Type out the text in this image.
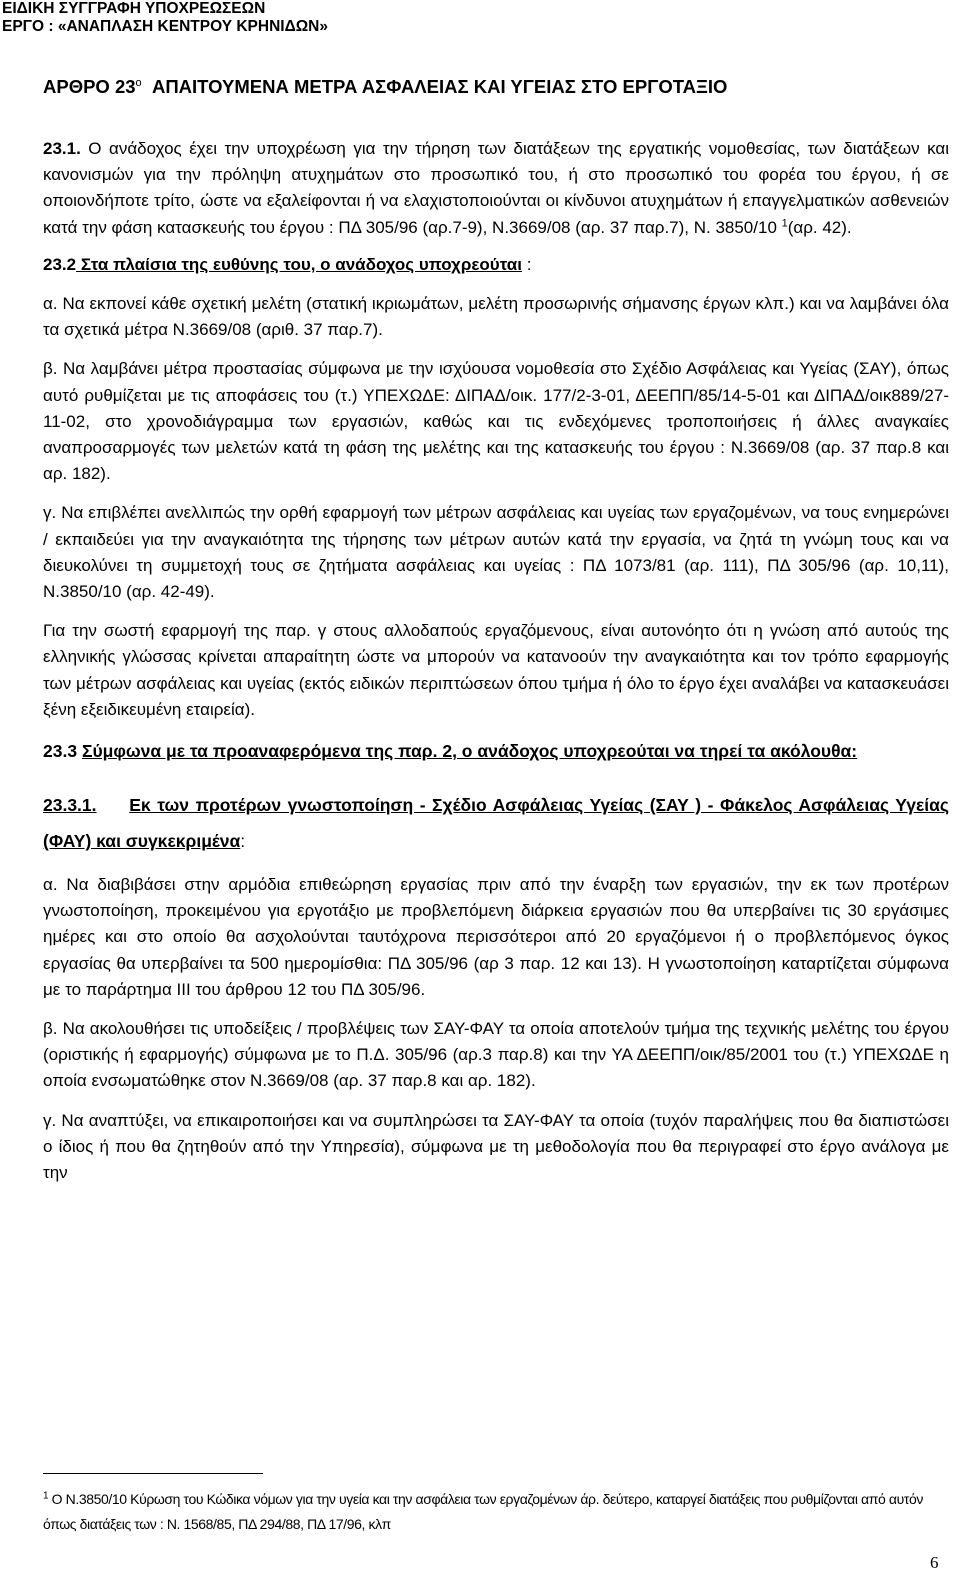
ΕΙΔΙΚΗ ΣΥΓΓΡΑΦΗ ΥΠΟΧΡΕΩΣΕΩΝ
ΕΡΓΟ : «ΑΝΑΠΛΑΣΗ ΚΕΝΤΡΟΥ ΚΡΗΝΙΔΩΝ»
ΑΡΘΡΟ $23^o$ ΑΠΑΙΤΟΥΜΕΝΑ ΜΕΤΡΑ ΑΣΦΑΛΕΙΑΣ ΚΑΙ ΥΓΕΙΑΣ ΣΤΟ ΕΡΓΟΤΑΞΙΟ

23.1. Ο ανάδοχος έχει την υποχρέωση για την τήρηση των διατάξεων της εργατικής νομοθεσίας, των διατάξεων και κανονισμών για την πρόληψη ατυχημάτων στο προσωπικό του, ή στο προσωπικό του φορέα του έργου, ή σε οποιονδήποτε τρίτο, ώστε να εξαλείφονται ή να ελαχιστοποιούνται οι κίνδυνοι ατυχημάτων ή επαγγελματικών ασθενειών κατά την φάση κατασκευής του έργου : ΠΔ 305/96 (αρ.7-9), Ν.3669/08 (αρ. 37 παρ.7), Ν. 3850/10 $^1$(αρ. 42).

23.2 Στα πλαίσια της ευθύνης του, ο ανάδοχος υποχρεούται :

α. Να εκπονεί κάθε σχετική μελέτη (στατική ικριωμάτων, μελέτη προσωρινής σήμανσης έργων κλπ.) και να λαμβάνει όλα τα σχετικά μέτρα Ν.3669/08 (αριθ. 37 παρ.7).

β. Να λαμβάνει μέτρα προστασίας σύμφωνα με την ισχύουσα νομοθεσία στο Σχέδιο Ασφάλειας και Υγείας (ΣΑΥ), όπως αυτό ρυθμίζεται με τις αποφάσεις του (τ.) ΥΠΕΧΩΔΕ: ΔΙΠΑΔ/οικ. 177/2-3-01, ΔΕΕΠΠ/85/14-5-01 και ΔΙΠΑΔ/οικ889/27-11-02, στο χρονοδιάγραμμα των εργασιών, καθώς και τις ενδεχόμενες τροποποιήσεις ή άλλες αναγκαίες αναπροσαρμογές των μελετών κατά τη φάση της μελέτης και της κατασκευής του έργου : Ν.3669/08 (αρ. 37 παρ.8 και αρ. 182).

γ. Να επιβλέπει ανελλιπώς την ορθή εφαρμογή των μέτρων ασφάλειας και υγείας των εργαζομένων, να τους ενημερώνει / εκπαιδεύει για την αναγκαιότητα της τήρησης των μέτρων αυτών κατά την εργασία, να ζητά τη γνώμη τους και να διευκολύνει τη συμμετοχή τους σε ζητήματα ασφάλειας και υγείας : ΠΔ 1073/81 (αρ. 111), ΠΔ 305/96 (αρ. 10,11), Ν.3850/10 (αρ. 42-49).

Για την σωστή εφαρμογή της παρ. γ στους αλλοδαπούς εργαζόμενους, είναι αυτονόητο ότι η γνώση από αυτούς της ελληνικής γλώσσας κρίνεται απαραίτητη ώστε να μπορούν να κατανοούν την αναγκαιότητα και τον τρόπο εφαρμογής των μέτρων ασφάλειας και υγείας (εκτός ειδικών περιπτώσεων όπου τμήμα ή όλο το έργο έχει αναλάβει να κατασκευάσει ξένη εξειδικευμένη εταιρεία).

23.3 Σύμφωνα με τα προαναφερόμενα της παρ. 2, ο ανάδοχος υποχρεούται να τηρεί τα ακόλουθα:

23.3.1. Εκ των προτέρων γνωστοποίηση - Σχέδιο Ασφάλειας Υγείας (ΣΑΥ ) - Φάκελος Ασφάλειας Υγείας (ΦΑΥ) και συγκεκριμένα:

α. Να διαβιβάσει στην αρμόδια επιθεώρηση εργασίας πριν από την έναρξη των εργασιών, την εκ των προτέρων γνωστοποίηση, προκειμένου για εργοτάξιο με προβλεπόμενη διάρκεια εργασιών που θα υπερβαίνει τις 30 εργάσιμες ημέρες και στο οποίο θα ασχολούνται ταυτόχρονα περισσότεροι από 20 εργαζόμενοι ή ο προβλεπόμενος όγκος εργασίας θα υπερβαίνει τα 500 ημερομίσθια: ΠΔ 305/96 (αρ 3 παρ. 12 και 13). Η γνωστοποίηση καταρτίζεται σύμφωνα με το παράρτημα ΙΙΙ του άρθρου 12 του ΠΔ 305/96.

β. Να ακολουθήσει τις υποδείξεις / προβλέψεις των ΣΑΥ-ΦΑΥ τα οποία αποτελούν τμήμα της τεχνικής μελέτης του έργου (οριστικής ή εφαρμογής) σύμφωνα με το Π.Δ. 305/96 (αρ.3 παρ.8) και την ΥΑ ΔΕΕΠΠ/οικ/85/2001 του (τ.) ΥΠΕΧΩΔΕ η οποία ενσωματώθηκε στον Ν.3669/08 (αρ. 37 παρ.8 και αρ. 182).

γ. Να αναπτύξει, να επικαιροποιήσει και να συμπληρώσει τα ΣΑΥ-ΦΑΥ τα οποία (τυχόν παραλήψεις που θα διαπιστώσει ο ίδιος ή που θα ζητηθούν από την Υπηρεσία), σύμφωνα με τη μεθοδολογία που θα περιγραφεί στο έργο ανάλογα με την

$^1$ Ο Ν.3850/10 Κύρωση του Κώδικα νόμων για την υγεία και την ασφάλεια των εργαζομένων άρ. δεύτερο, καταργεί διατάξεις που ρυθμίζονται από αυτόν όπως διατάξεις των : Ν. 1568/85, ΠΔ 294/88, ΠΔ 17/96, κλπ
6
